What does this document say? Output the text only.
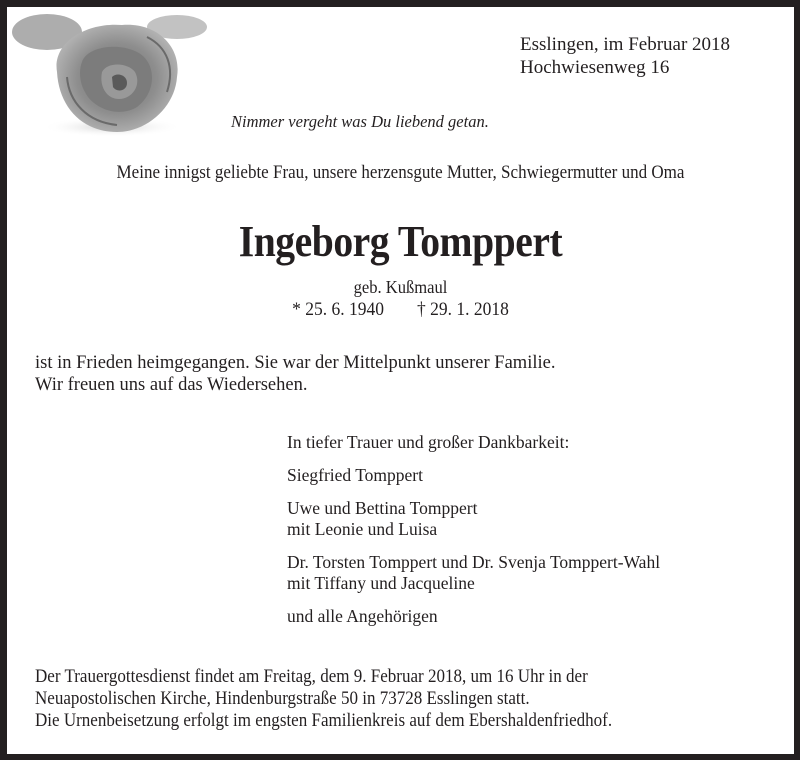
Esslingen, im Februar 2018
Hochwiesenweg 16
Nimmer vergeht was Du liebend getan.
Meine innigst geliebte Frau, unsere herzensgute Mutter, Schwiegermutter und Oma
Ingeborg Tomppert
geb. Kußmaul
* 25. 6. 1940 † 29. 1. 2018
ist in Frieden heimgegangen. Sie war der Mittelpunkt unserer Familie.
Wir freuen uns auf das Wiedersehen.
In tiefer Trauer und großer Dankbarkeit:
Siegfried Tomppert
Uwe und Bettina Tomppert
mit Leonie und Luisa
Dr. Torsten Tomppert und Dr. Svenja Tomppert-Wahl
mit Tiffany und Jacqueline
und alle Angehörigen
Der Trauergottesdienst findet am Freitag, dem 9. Februar 2018, um 16 Uhr in der
Neuapostolischen Kirche, Hindenburgstraße 50 in 73728 Esslingen statt.
Die Urnenbeisetzung erfolgt im engsten Familienkreis auf dem Ebershaldenfriedhof.
